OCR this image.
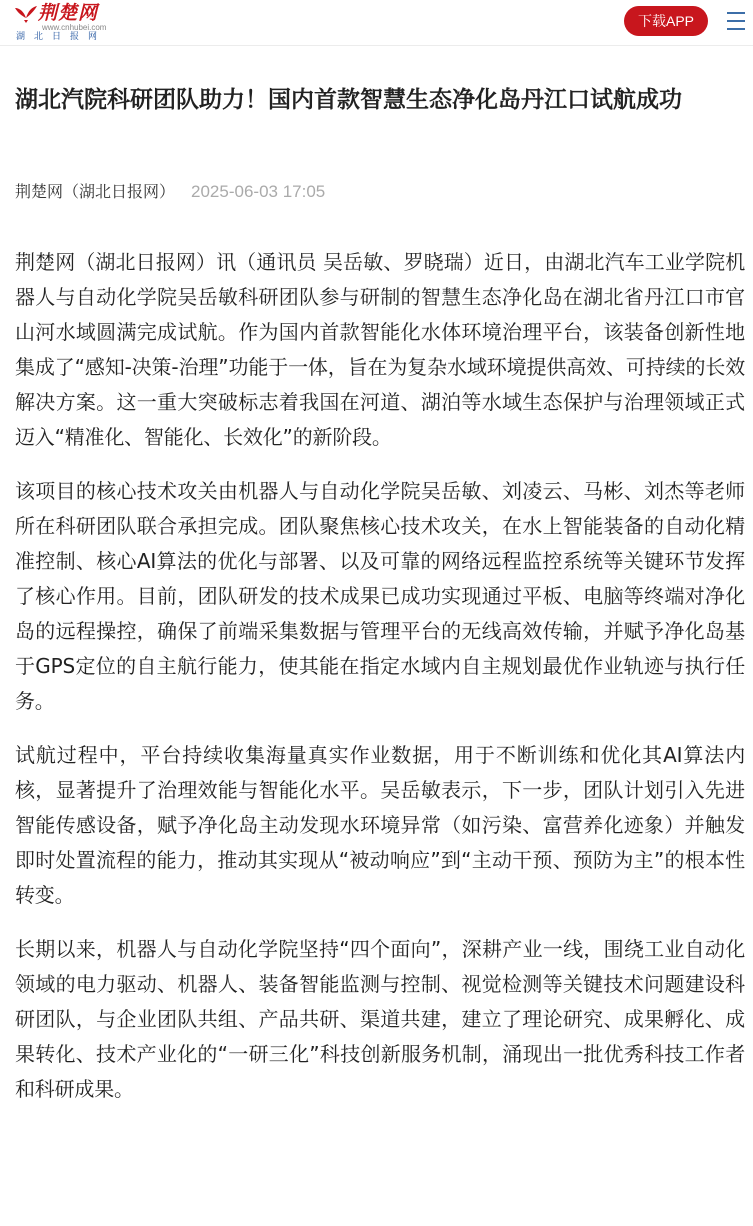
荆楚网
www.cnhubei.com
湖北日报网
下载APP
湖北汽院科研团队助力！国内首款智慧生态净化岛丹江口试航成功
荆楚网（湖北日报网） 2025-06-03 17:05

荆楚网（湖北日报网）讯（通讯员 吴岳敏、罗晓瑞）近日，由湖北汽车工业学院机器人与自动化学院吴岳敏科研团队参与研制的智慧生态净化岛在湖北省丹江口市官山河水域圆满完成试航。作为国内首款智能化水体环境治理平台，该装备创新性地集成了“感知-决策-治理”功能于一体，旨在为复杂水域环境提供高效、可持续的长效解决方案。这一重大突破标志着我国在河道、湖泊等水域生态保护与治理领域正式迈入“精准化、智能化、长效化”的新阶段。

该项目的核心技术攻关由机器人与自动化学院吴岳敏、刘凌云、马彬、刘杰等老师所在科研团队联合承担完成。团队聚焦核心技术攻关，在水上智能装备的自动化精准控制、核心AI算法的优化与部署、以及可靠的网络远程监控系统等关键环节发挥了核心作用。目前，团队研发的技术成果已成功实现通过平板、电脑等终端对净化岛的远程操控，确保了前端采集数据与管理平台的无线高效传输，并赋予净化岛基于GPS定位的自主航行能力，使其能在指定水域内自主规划最优作业轨迹与执行任务。

试航过程中，平台持续收集海量真实作业数据，用于不断训练和优化其AI算法内核，显著提升了治理效能与智能化水平。吴岳敏表示，下一步，团队计划引入先进智能传感设备，赋予净化岛主动发现水环境异常（如污染、富营养化迹象）并触发即时处置流程的能力，推动其实现从“被动响应”到“主动干预、预防为主”的根本性转变。

长期以来，机器人与自动化学院坚持“四个面向”，深耕产业一线，围绕工业自动化领域的电力驱动、机器人、装备智能监测与控制、视觉检测等关键技术问题建设科研团队，与企业团队共组、产品共研、渠道共建，建立了理论研究、成果孵化、成果转化、技术产业化的“一研三化”科技创新服务机制，涌现出一批优秀科技工作者和科研成果。
